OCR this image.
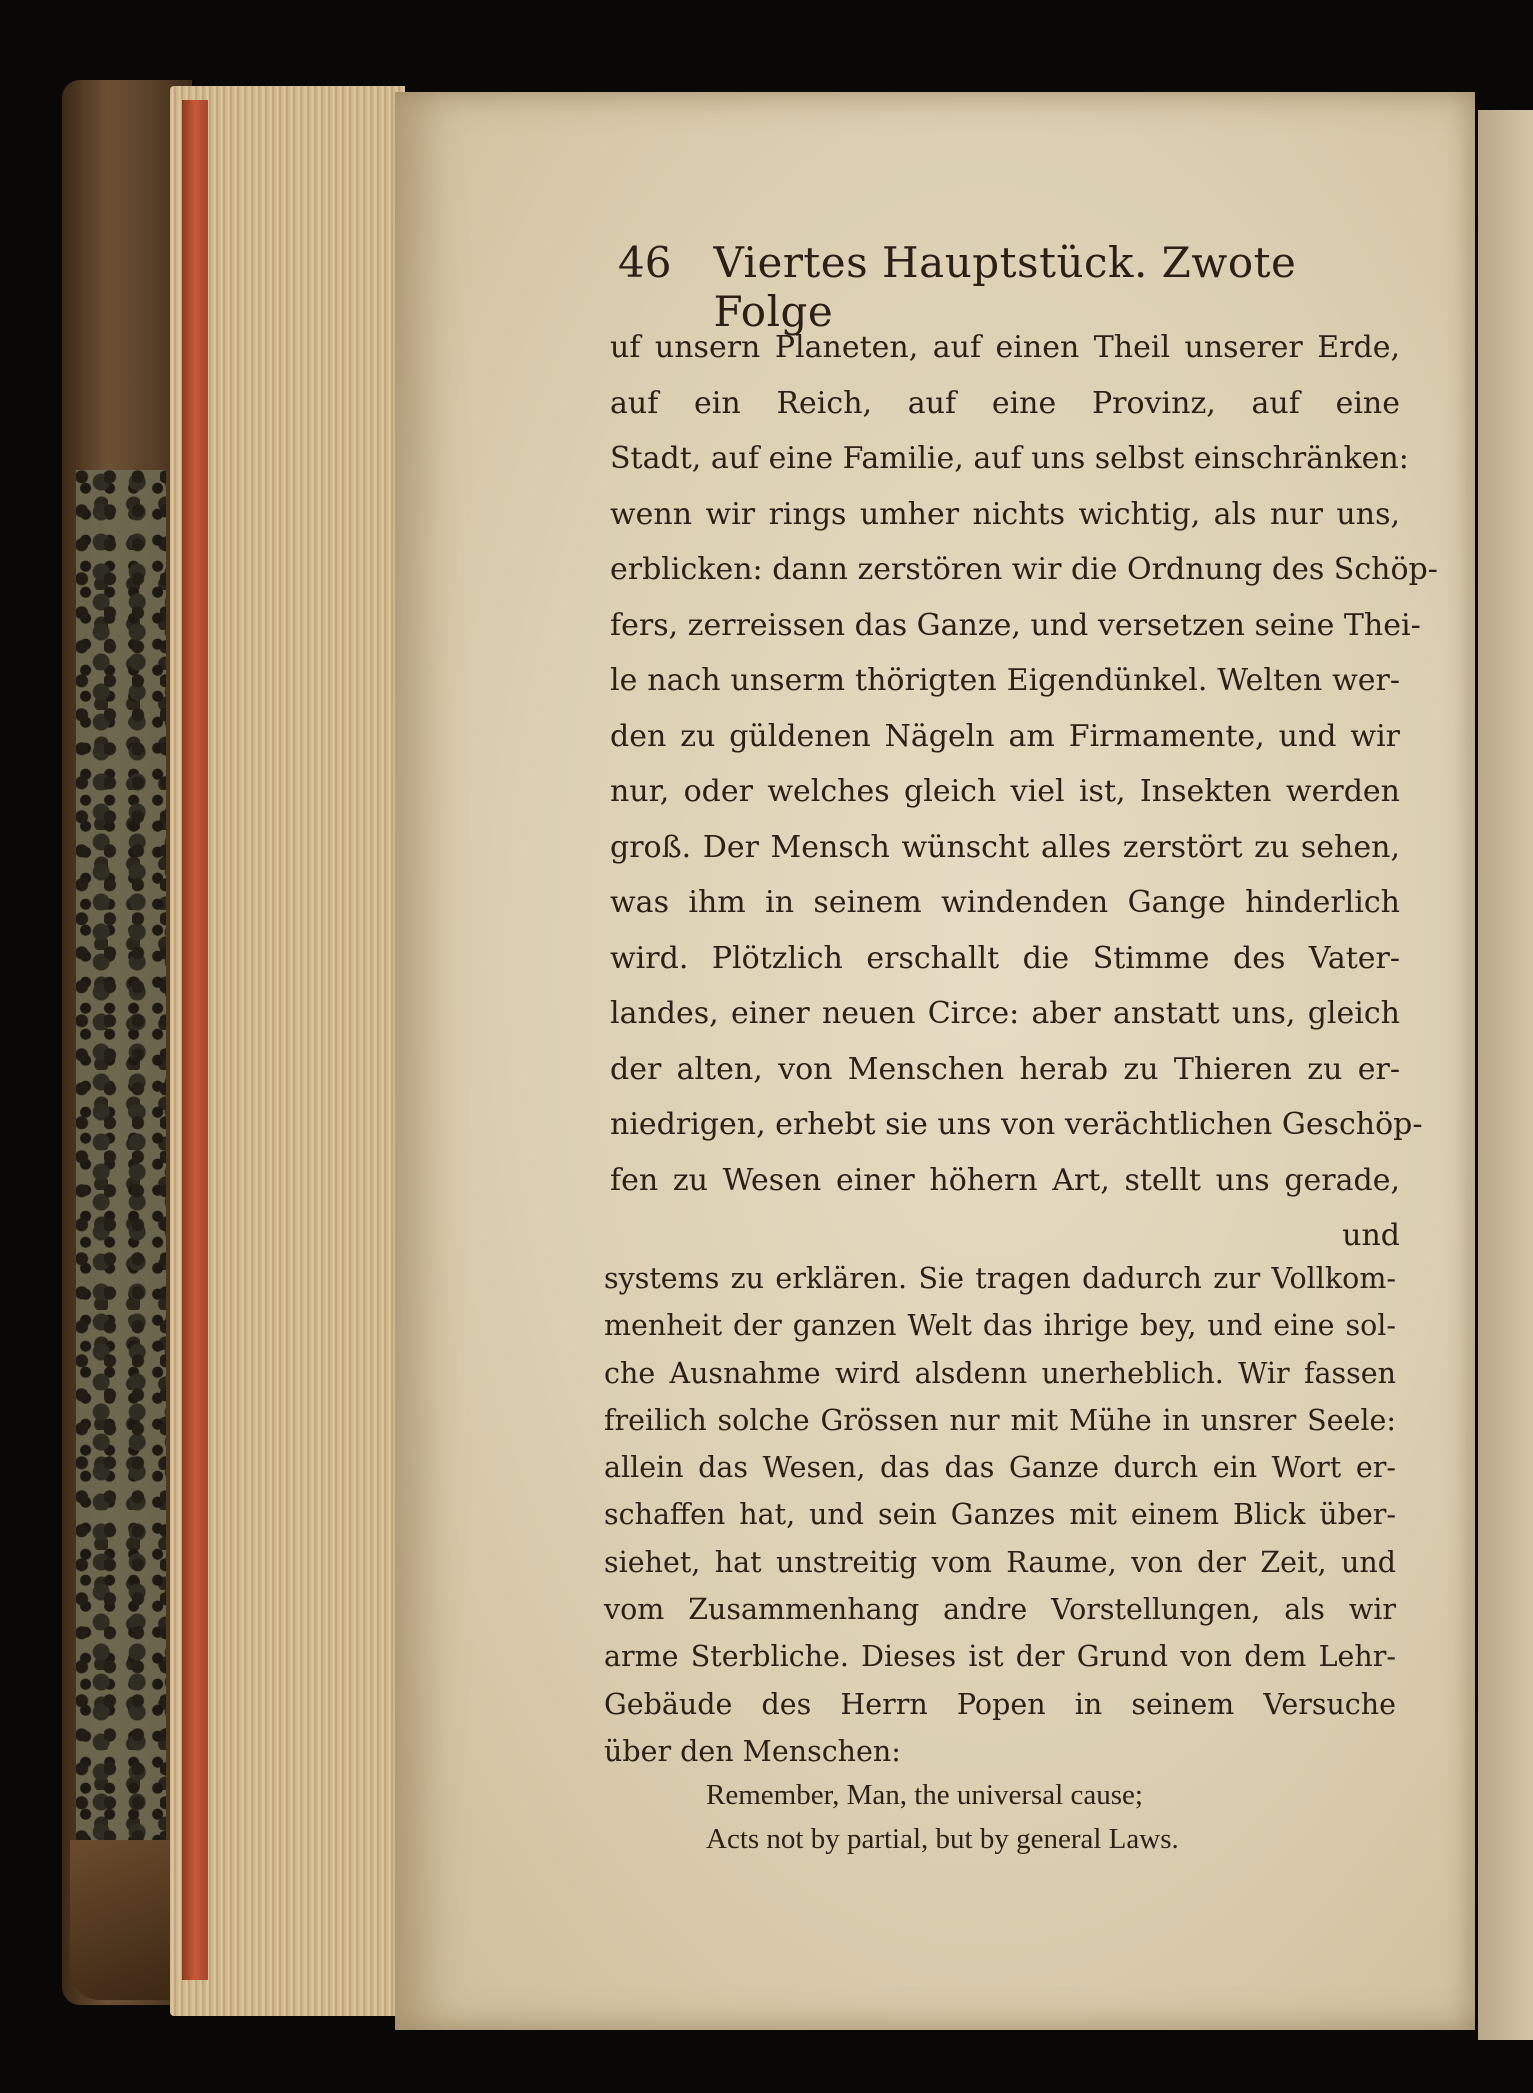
46 Viertes Hauptstück. Zwote Folge
uf unsern Planeten, auf einen Theil unserer Erde,
auf ein Reich, auf eine Provinz, auf eine
Stadt, auf eine Familie, auf uns selbst einschränken:
wenn wir rings umher nichts wichtig, als nur uns,
erblicken: dann zerstören wir die Ordnung des Schöp-
fers, zerreissen das Ganze, und versetzen seine Thei-
le nach unserm thörigten Eigendünkel. Welten wer-
den zu güldenen Nägeln am Firmamente, und wir
nur, oder welches gleich viel ist, Insekten werden
groß. Der Mensch wünscht alles zerstört zu sehen,
was ihm in seinem windenden Gange hinderlich
wird. Plötzlich erschallt die Stimme des Vater-
landes, einer neuen Circe: aber anstatt uns, gleich
der alten, von Menschen herab zu Thieren zu er-
niedrigen, erhebt sie uns von verächtlichen Geschöp-
fen zu Wesen einer höhern Art, stellt uns gerade,
und
systems zu erklären. Sie tragen dadurch zur Vollkom-
menheit der ganzen Welt das ihrige bey, und eine sol-
che Ausnahme wird alsdenn unerheblich. Wir fassen
freilich solche Grössen nur mit Mühe in unsrer Seele:
allein das Wesen, das das Ganze durch ein Wort er-
schaffen hat, und sein Ganzes mit einem Blick über-
siehet, hat unstreitig vom Raume, von der Zeit, und
vom Zusammenhang andre Vorstellungen, als wir
arme Sterbliche. Dieses ist der Grund von dem Lehr-
Gebäude des Herrn Popen in seinem Versuche
über den Menschen:
Remember, Man, the universal cause;
Acts not by partial, but by general Laws.
